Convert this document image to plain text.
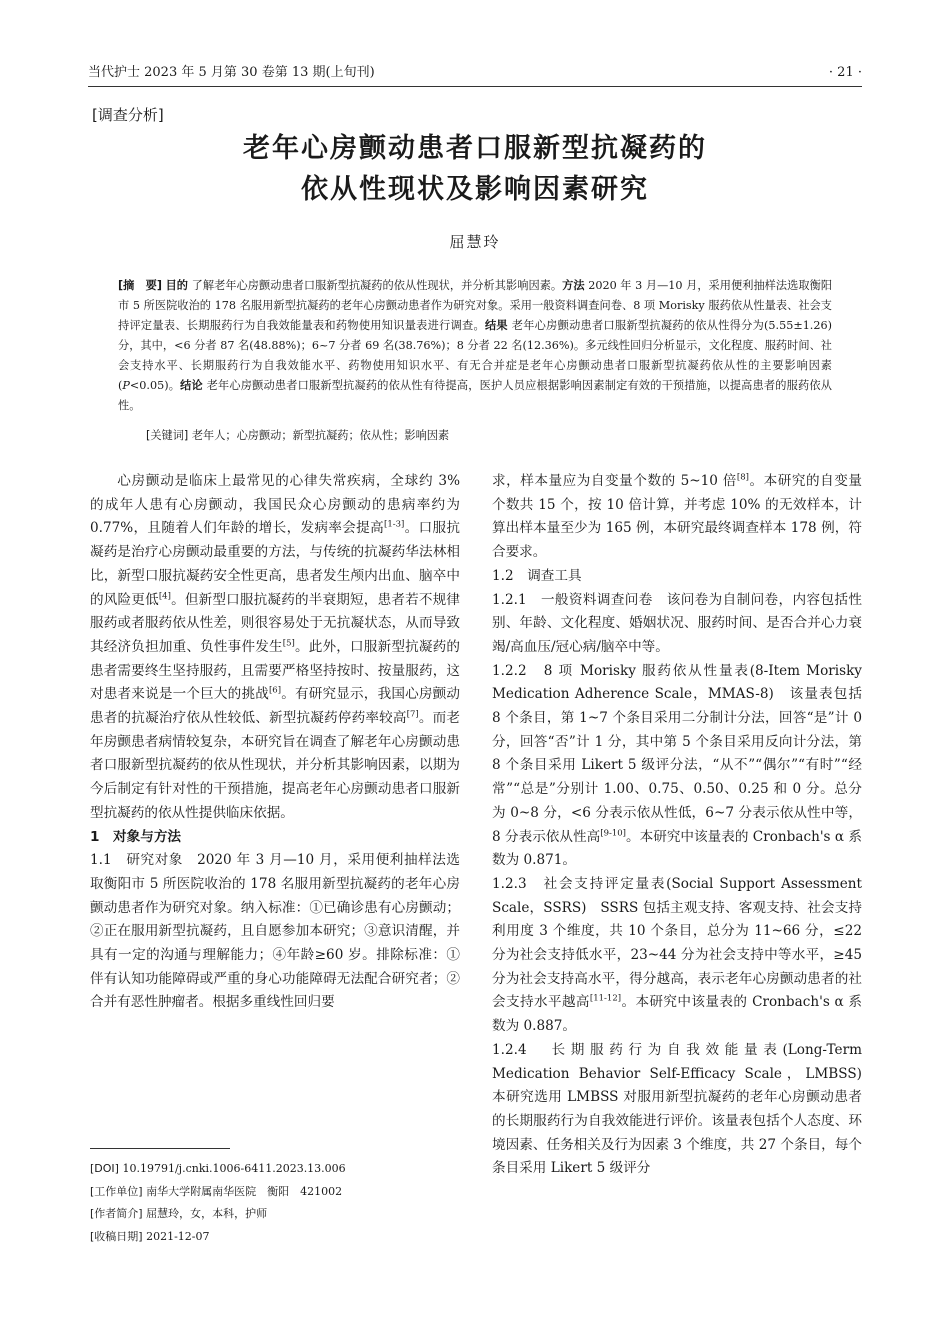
当代护士 2023 年 5 月第 30 卷第 13 期(上旬刊)	· 21 ·
[调查分析]
老年心房颤动患者口服新型抗凝药的
依从性现状及影响因素研究
屈慧玲
[摘　要] 目的 了解老年心房颤动患者口服新型抗凝药的依从性现状，并分析其影响因素。方法 2020 年 3 月—10 月，采用便利抽样法选取衡阳市 5 所医院收治的 178 名服用新型抗凝药的老年心房颤动患者作为研究对象。采用一般资料调查问卷、8 项 Morisky 服药依从性量表、社会支持评定量表、长期服药行为自我效能量表和药物使用知识量表进行调查。结果 老年心房颤动患者口服新型抗凝药的依从性得分为(5.55±1.26)分，其中，<6 分者 87 名(48.88%)；6~7 分者 69 名(38.76%)；8 分者 22 名(12.36%)。多元线性回归分析显示，文化程度、服药时间、社会支持水平、长期服药行为自我效能水平、药物使用知识水平、有无合并症是老年心房颤动患者口服新型抗凝药依从性的主要影响因素(P<0.05)。结论 老年心房颤动患者口服新型抗凝药的依从性有待提高，医护人员应根据影响因素制定有效的干预措施，以提高患者的服药依从性。
[关键词] 老年人；心房颤动；新型抗凝药；依从性；影响因素

心房颤动是临床上最常见的心律失常疾病，全球约 3% 的成年人患有心房颤动，我国民众心房颤动的患病率约为 0.77%，且随着人们年龄的增长，发病率会提高[1-3]。口服抗凝药是治疗心房颤动最重要的方法，与传统的抗凝药华法林相比，新型口服抗凝药安全性更高，患者发生颅内出血、脑卒中的风险更低[4]。但新型口服抗凝药的半衰期短，患者若不规律服药或者服药依从性差，则很容易处于无抗凝状态，从而导致其经济负担加重、负性事件发生[5]。此外，口服新型抗凝药的患者需要终生坚持服药，且需要严格坚持按时、按量服药，这对患者来说是一个巨大的挑战[6]。有研究显示，我国心房颤动患者的抗凝治疗依从性较低、新型抗凝药停药率较高[7]。而老年房颤患者病情较复杂，本研究旨在调查了解老年心房颤动患者口服新型抗凝药的依从性现状，并分析其影响因素，以期为今后制定有针对性的干预措施，提高老年心房颤动患者口服新型抗凝药的依从性提供临床依据。

1　对象与方法

1.1　研究对象　 2020 年 3 月—10 月，采用便利抽样法选取衡阳市 5 所医院收治的 178 名服用新型抗凝药的老年心房颤动患者作为研究对象。纳入标准：①已确诊患有心房颤动；②正在服用新型抗凝药，且自愿参加本研究；③意识清醒，并具有一定的沟通与理解能力；④年龄≥60 岁。排除标准：①伴有认知功能障碍或严重的身心功能障碍无法配合研究者；②合并有恶性肿瘤者。根据多重线性回归要

[DOI] 10.19791/j.cnki.1006-6411.2023.13.006
[工作单位] 南华大学附属南华医院　衡阳　421002
[作者简介] 屈慧玲，女，本科，护师
[收稿日期] 2021-12-07

求，样本量应为自变量个数的 5~10 倍[8]。本研究的自变量个数共 15 个，按 10 倍计算，并考虑 10% 的无效样本，计算出样本量至少为 165 例，本研究最终调查样本 178 例，符合要求。

1.2　调查工具

1.2.1　一般资料调查问卷　 该问卷为自制问卷，内容包括性别、年龄、文化程度、婚姻状况、服药时间、是否合并心力衰竭/高血压/冠心病/脑卒中等。

1.2.2　8 项 Morisky 服药依从性量表(8-Item Morisky Medication Adherence Scale，MMAS-8)　 该量表包括 8 个条目，第 1~7 个条目采用二分制计分法，回答“是”计 0 分，回答“否”计 1 分，其中第 5 个条目采用反向计分法，第 8 个条目采用 Likert 5 级评分法，“从不”“偶尔”“有时”“经常”“总是”分别计 1.00、0.75、0.50、0.25 和 0 分。总分为 0~8 分，<6 分表示依从性低，6~7 分表示依从性中等，8 分表示依从性高[9-10]。本研究中该量表的 Cronbach's α 系数为 0.871。

1.2.3　社会支持评定量表(Social Support Assessment Scale，SSRS)　 SSRS 包括主观支持、客观支持、社会支持利用度 3 个维度，共 10 个条目，总分为 11~66 分，≤22 分为社会支持低水平，23~44 分为社会支持中等水平，≥45 分为社会支持高水平，得分越高，表示老年心房颤动患者的社会支持水平越高[11-12]。本研究中该量表的 Cronbach's α 系数为 0.887。

1.2.4　长期服药行为自我效能量表(Long-Term Medication Behavior Self-Efficacy Scale，LMBSS)　本研究选用 LMBSS 对服用新型抗凝药的老年心房颤动患者的长期服药行为自我效能进行评价。该量表包括个人态度、环境因素、任务相关及行为因素 3 个维度，共 27 个条目，每个条目采用 Likert 5 级评分
